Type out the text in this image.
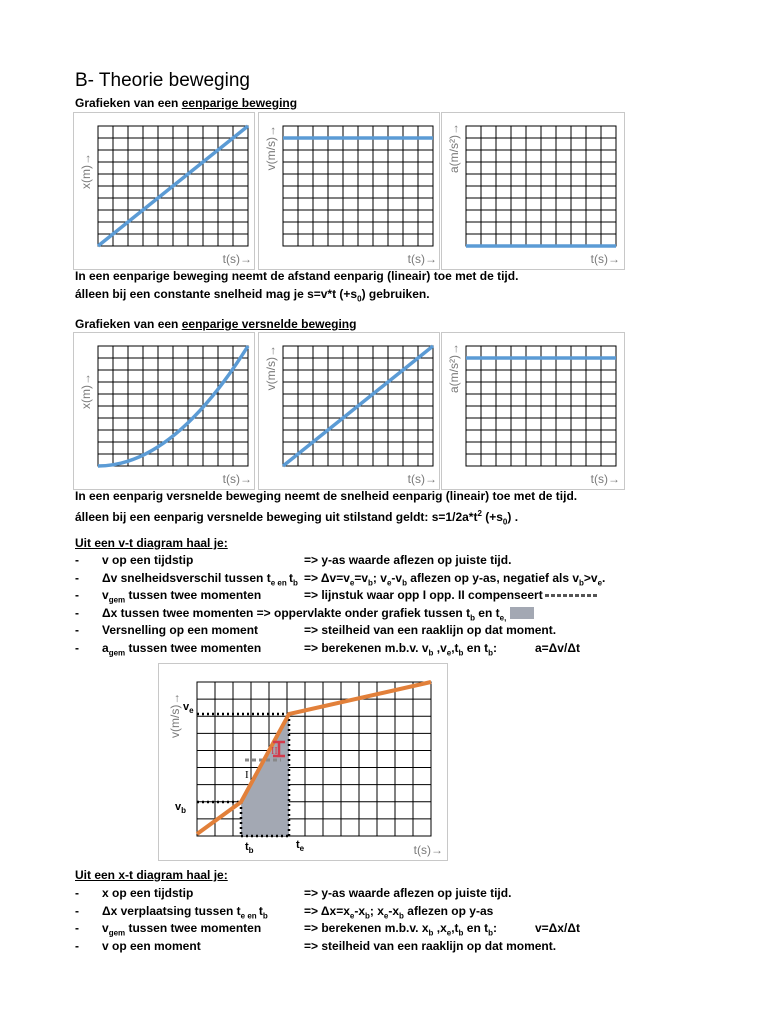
B- Theorie beweging
Grafieken van een eenparige beweging
x(m)→
t(s)→
v(m/s)→
t(s)→
a(m/s²)→
t(s)→
In een eenparige beweging neemt de afstand eenparig (lineair) toe met de tijd.
álleen bij een constante snelheid mag je s=v*t $(+s_0)$ gebruiken.
Grafieken van een eenparige versnelde beweging
x(m)→
t(s)→
v(m/s)→
t(s)→
a(m/s²)→
t(s)→
In een eenparig versnelde beweging neemt de snelheid eenparig (lineair) toe met de tijd.
álleen bij een eenparig versnelde beweging uit stilstand geldt: $s=1/2a*t^2$ $(+s_0)$ .
Uit een v-t diagram haal je:
- v op een tijdstip	=> y-as waarde aflezen op juiste tijd.
- Δv snelheidsverschil tussen $t_e$ $_{en}$ $t_b => \Delta v=v_e=v_b$; $v_e-v_b$ aflezen op y-as, negatief als $v_b>v_e$.
- $v_{gem}$ tussen twee momenten	=> lijnstuk waar opp I opp. II compenseert
- Δx tussen twee momenten => oppervlakte onder grafiek tussen $t_b$ en $t_{e,}$
- Versnelling op een moment	=> steilheid van een raaklijn op dat moment.
- $a_{gem}$ tussen twee momenten	=> berekenen m.b.v. $v_b$ $,v_e,t_b$ en $t_b$:	a=Δv/Δt
I
II
$v_e$
$v_b$
$t_b$	$t_e$
v(m/s)→
t(s)→
Uit een x-t diagram haal je:
- x op een tijdstip	=> y-as waarde aflezen op juiste tijd.
- Δx verplaatsing tussen $t_e$ $_{en}$ $t_b$	=> $\Delta x=x_e-x_b$; $x_e-x_b$ aflezen op y-as
- $v_{gem}$ tussen twee momenten	=> berekenen m.b.v. $x_b$ $,x_e,t_b$ en $t_b$:	v=Δx/Δt
- v op een moment	=> steilheid van een raaklijn op dat moment.
